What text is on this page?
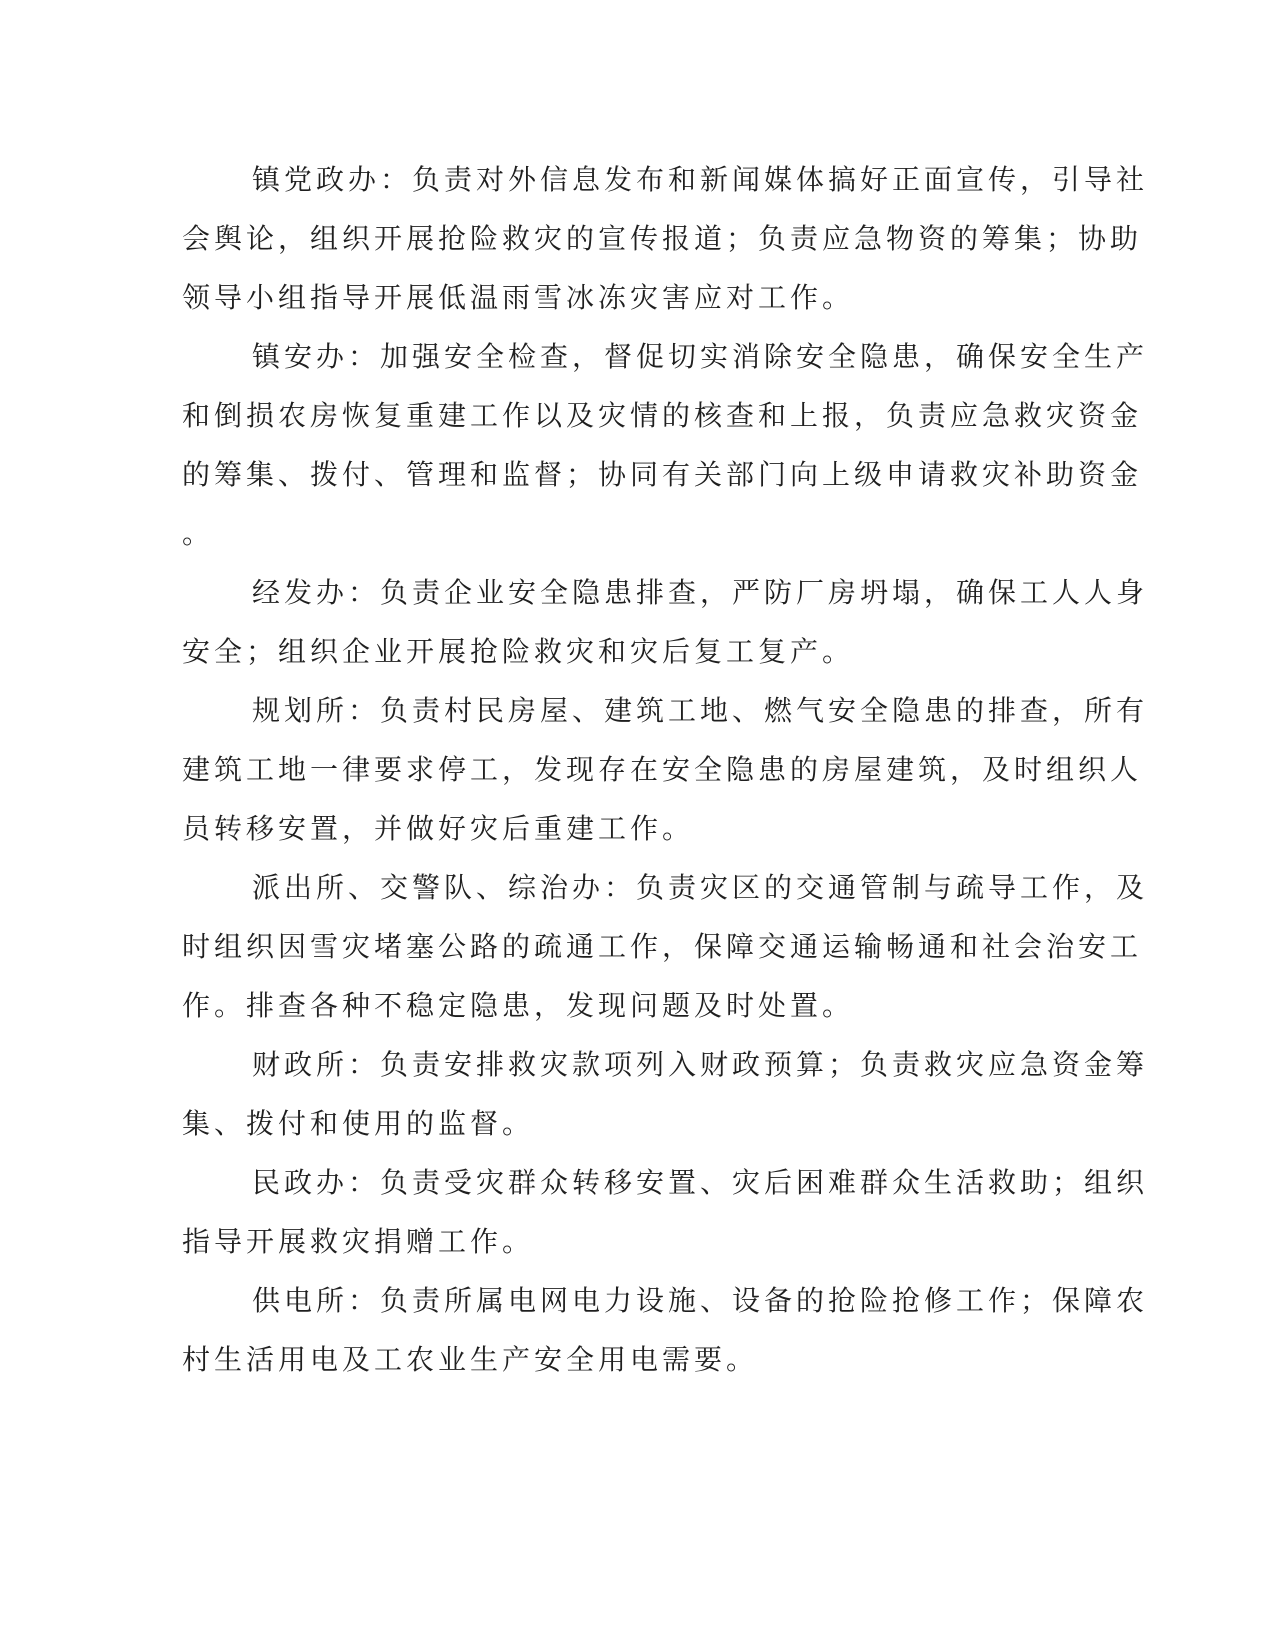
镇党政办：负责对外信息发布和新闻媒体搞好正面宣传，引导社
会舆论，组织开展抢险救灾的宣传报道；负责应急物资的筹集；协助
领导小组指导开展低温雨雪冰冻灾害应对工作。
镇安办：加强安全检查，督促切实消除安全隐患，确保安全生产
和倒损农房恢复重建工作以及灾情的核查和上报，负责应急救灾资金
的筹集、拨付、管理和监督；协同有关部门向上级申请救灾补助资金
。
经发办：负责企业安全隐患排查，严防厂房坍塌，确保工人人身
安全；组织企业开展抢险救灾和灾后复工复产。
规划所：负责村民房屋、建筑工地、燃气安全隐患的排查，所有
建筑工地一律要求停工，发现存在安全隐患的房屋建筑，及时组织人
员转移安置，并做好灾后重建工作。
派出所、交警队、综治办：负责灾区的交通管制与疏导工作，及
时组织因雪灾堵塞公路的疏通工作，保障交通运输畅通和社会治安工
作。排查各种不稳定隐患，发现问题及时处置。
财政所：负责安排救灾款项列入财政预算；负责救灾应急资金筹
集、拨付和使用的监督。
民政办：负责受灾群众转移安置、灾后困难群众生活救助；组织
指导开展救灾捐赠工作。
供电所：负责所属电网电力设施、设备的抢险抢修工作；保障农
村生活用电及工农业生产安全用电需要。
